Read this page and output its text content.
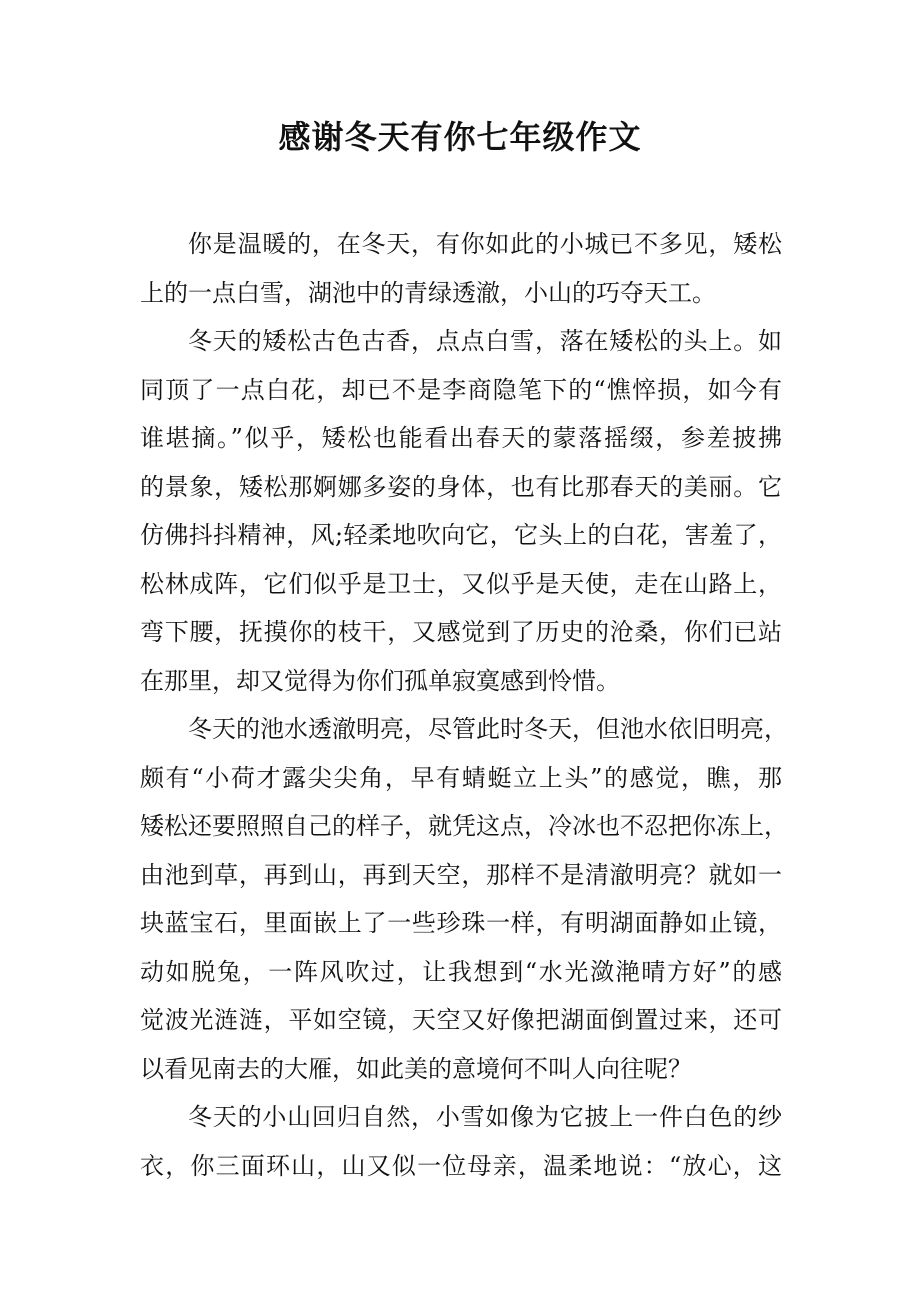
感谢冬天有你七年级作文
你是温暖的，在冬天，有你如此的小城已不多见，矮松
上的一点白雪，湖池中的青绿透澈，小山的巧夺天工。
冬天的矮松古色古香，点点白雪，落在矮松的头上。如
同顶了一点白花，却已不是李商隐笔下的“憔悴损，如今有
谁堪摘。”似乎，矮松也能看出春天的蒙落摇缀，参差披拂
的景象，矮松那婀娜多姿的身体，也有比那春天的美丽。它
仿佛抖抖精神，风;轻柔地吹向它，它头上的白花，害羞了，
松林成阵，它们似乎是卫士，又似乎是天使，走在山路上，
弯下腰，抚摸你的枝干，又感觉到了历史的沧桑，你们已站
在那里，却又觉得为你们孤单寂寞感到怜惜。
冬天的池水透澈明亮，尽管此时冬天，但池水依旧明亮，
颇有“小荷才露尖尖角，早有蜻蜓立上头”的感觉，瞧，那
矮松还要照照自己的样子，就凭这点，冷冰也不忍把你冻上，
由池到草，再到山，再到天空，那样不是清澈明亮？就如一
块蓝宝石，里面嵌上了一些珍珠一样，有明湖面静如止镜，
动如脱兔，一阵风吹过，让我想到“水光潋滟晴方好”的感
觉波光涟涟，平如空镜，天空又好像把湖面倒置过来，还可
以看见南去的大雁，如此美的意境何不叫人向往呢？
冬天的小山回归自然，小雪如像为它披上一件白色的纱
衣，你三面环山，山又似一位母亲，温柔地说：“放心，这
